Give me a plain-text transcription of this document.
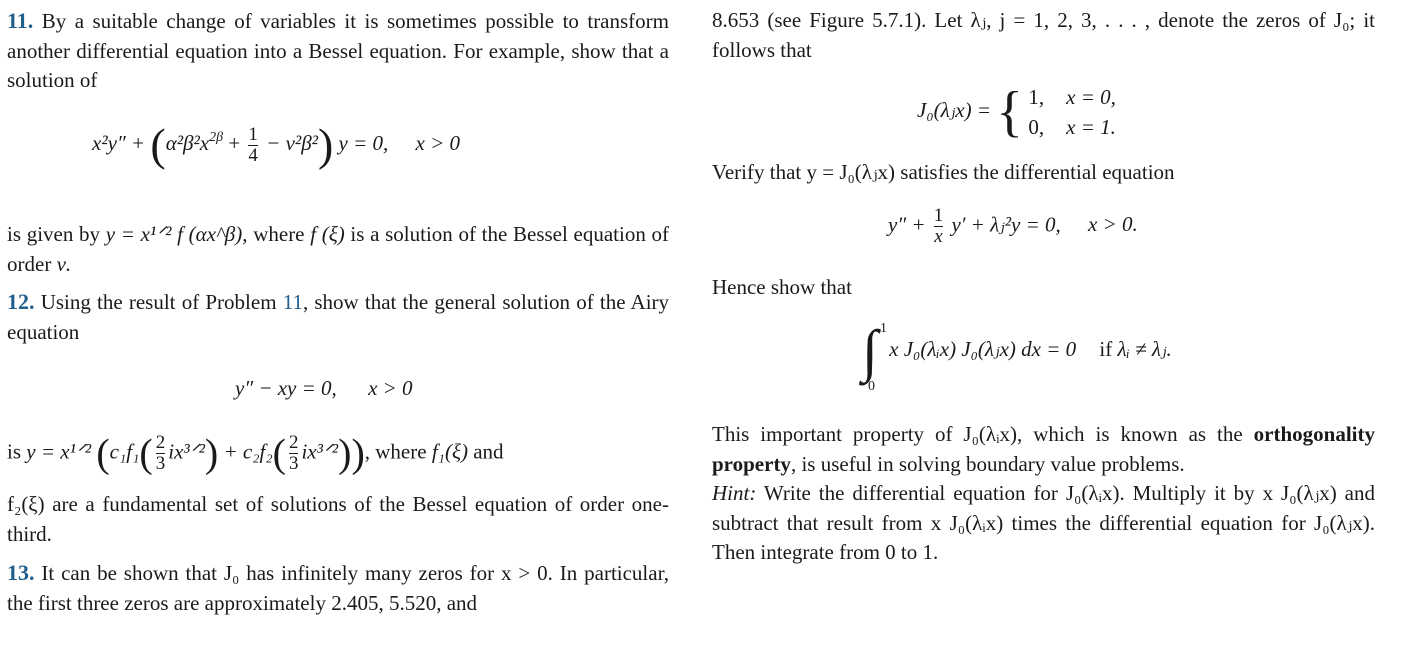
11. By a suitable change of variables it is sometimes possible to transform another differential equation into a Bessel equation. For example, show that a solution of
$x^2y'' + (\alpha^2\beta^2x^{2\beta} + \frac{1}{4} - \nu^2\beta^2) y = 0$, x > 0
is given by y = x¹ᐟ² f (αx^β), where f (ξ) is a solution of the Bessel equation of order ν.
12. Using the result of Problem 11, show that the general solution of the Airy equation
y″ − xy = 0, x > 0
is y = x¹ᐟ² ($c_1f_1( \frac{2}{3}$ ix³ᐟ²) + $c_2f_2( \frac{2}{3}$ ix³ᐟ²)), where f₁(ξ) and
f₂(ξ) are a fundamental set of solutions of the Bessel equation of order one-third.
13. It can be shown that J₀ has infinitely many zeros for x > 0. In particular, the first three zeros are approximately 2.405, 5.520, and
8.653 (see Figure 5.7.1). Let λⱼ, j = 1, 2, 3, . . . , denote the zeros of J₀; it follows that
J₀(λⱼx) = { 1, x = 0,
0, x = 1.
Verify that y = J₀(λⱼx) satisfies the differential equation
$y'' + \frac{1}{x} y'$ + λⱼ²y = 0, x > 0.
Hence show that
∫ 1
0
x J₀(λᵢx) J₀(λⱼx) dx = 0 if λᵢ ≠ λⱼ.
This important property of J₀(λᵢx), which is known as the orthogonality property, is useful in solving boundary value problems.
Hint: Write the differential equation for J₀(λᵢx). Multiply it by x J₀(λⱼx) and subtract that result from x J₀(λᵢx) times the differential equation for J₀(λⱼx). Then integrate from 0 to 1.
